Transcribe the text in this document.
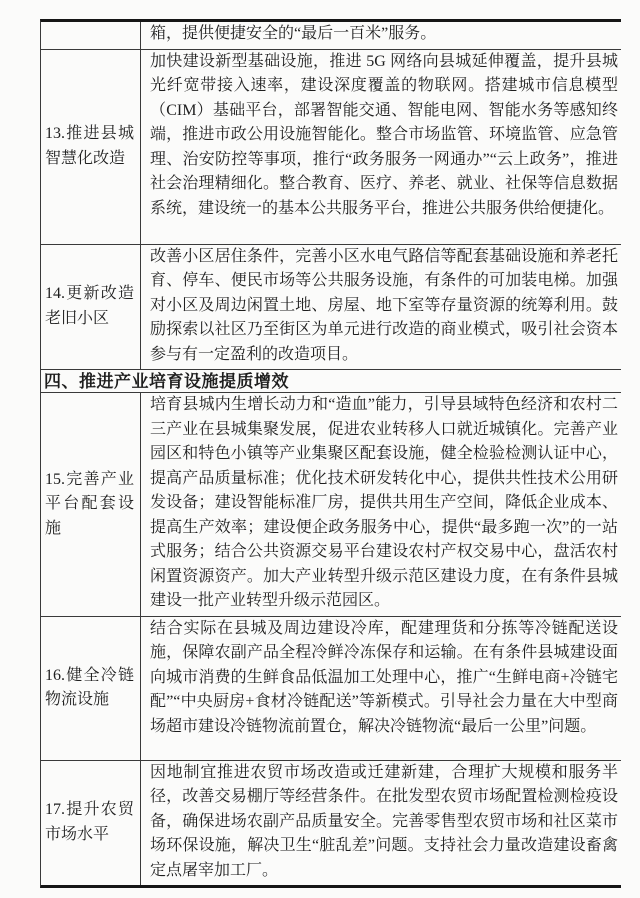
箱，提供便捷安全的“最后一百米”服务。
13.推进县城智慧化改造
加快建设新型基础设施，推进 5G 网络向县城延伸覆盖，提升县城光纤宽带接入速率，建设深度覆盖的物联网。搭建城市信息模型（CIM）基础平台，部署智能交通、智能电网、智能水务等感知终端，推进市政公用设施智能化。整合市场监管、环境监管、应急管理、治安防控等事项，推行“政务服务一网通办”“云上政务”，推进社会治理精细化。整合教育、医疗、养老、就业、社保等信息数据系统，建设统一的基本公共服务平台，推进公共服务供给便捷化。
14.更新改造老旧小区
改善小区居住条件，完善小区水电气路信等配套基础设施和养老托育、停车、便民市场等公共服务设施，有条件的可加装电梯。加强对小区及周边闲置土地、房屋、地下室等存量资源的统筹利用。鼓励探索以社区乃至街区为单元进行改造的商业模式，吸引社会资本参与有一定盈利的改造项目。
四、推进产业培育设施提质增效
15.完善产业平台配套设施
培育县城内生增长动力和“造血”能力，引导县域特色经济和农村二三产业在县城集聚发展，促进农业转移人口就近城镇化。完善产业园区和特色小镇等产业集聚区配套设施，健全检验检测认证中心，提高产品质量标准；优化技术研发转化中心，提供共性技术公用研发设备；建设智能标准厂房，提供共用生产空间，降低企业成本、提高生产效率；建设便企政务服务中心，提供“最多跑一次”的一站式服务；结合公共资源交易平台建设农村产权交易中心，盘活农村闲置资源资产。加大产业转型升级示范区建设力度，在有条件县城建设一批产业转型升级示范园区。
16.健全冷链物流设施
结合实际在县城及周边建设冷库，配建理货和分拣等冷链配送设施，保障农副产品全程冷鲜冷冻保存和运输。在有条件县城建设面向城市消费的生鲜食品低温加工处理中心，推广“生鲜电商+冷链宅配”“中央厨房+食材冷链配送”等新模式。引导社会力量在大中型商场超市建设冷链物流前置仓，解决冷链物流“最后一公里”问题。
17.提升农贸市场水平
因地制宜推进农贸市场改造或迁建新建，合理扩大规模和服务半径，改善交易棚厅等经营条件。在批发型农贸市场配置检测检疫设备，确保进场农副产品质量安全。完善零售型农贸市场和社区菜市场环保设施，解决卫生“脏乱差”问题。支持社会力量改造建设畜禽定点屠宰加工厂。
